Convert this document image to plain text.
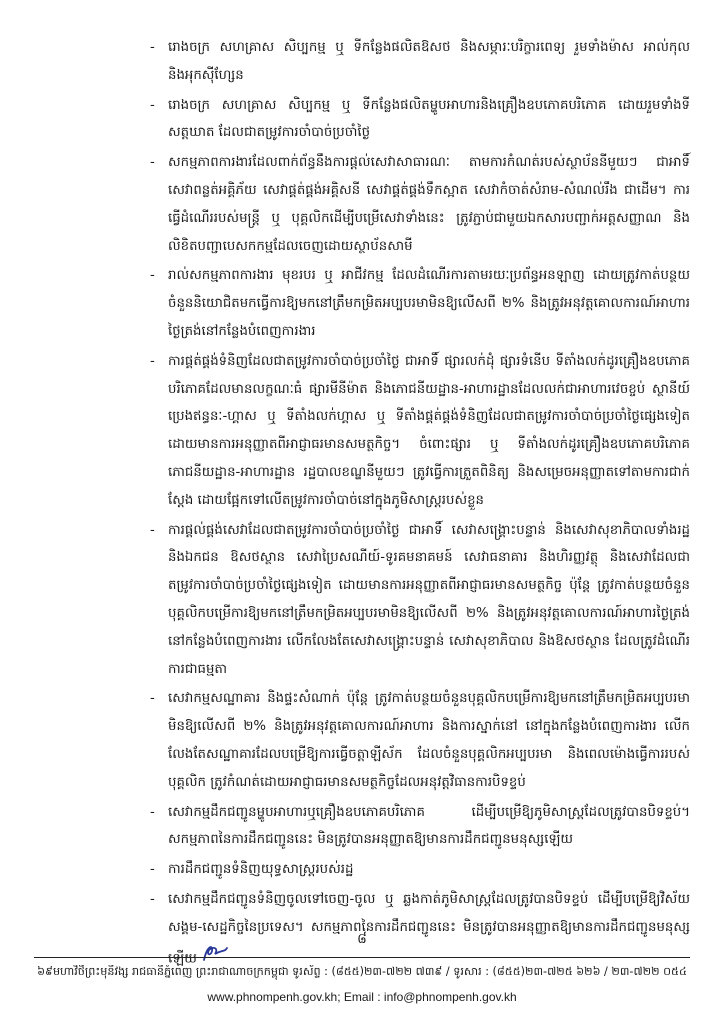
- រោងចក្រ សហគ្រាស សិប្បកម្ម ឬ ទីកន្លែងផលិតឱសថ និងសម្ភារៈបរិក្ខារពេទ្យ រួមទាំងម៉ាស អាល់កុល និងអុកស៊ីហ្សែន
- រោងចក្រ សហគ្រាស សិប្បកម្ម ឬ ទីកន្លែងផលិតម្ហូបអាហារនិងគ្រឿងឧបភោគបរិភោគ ដោយរួមទាំងទីសត្តឃាត ដែលជាតម្រូវការចាំបាច់ប្រចាំថ្ងៃ
- សកម្មភាពការងារដែលពាក់ព័ន្ធនឹងការផ្តល់សេវាសាធារណៈ តាមការកំណត់របស់ស្ថាប័ននីមួយៗ ជាអាទិ៍ សេវាពន្លត់អគ្គិភ័យ សេវាផ្គត់ផ្គង់អគ្គិសនី សេវាផ្គត់ផ្គង់ទឹកស្អាត សេវាកំចាត់សំរាម-សំណល់រឹង ជាដើម។ ការធ្វើដំណើររបស់មន្ត្រី ឬ បុគ្គលិកដើម្បីបម្រើសេវាទាំងនេះ ត្រូវភ្ជាប់ជាមួយឯកសារបញ្ជាក់អត្តសញ្ញាណ និងលិខិតបញ្ជាបេសកកម្មដែលចេញដោយស្ថាប័នសាមី
- រាល់សកម្មភាពការងារ មុខរបរ ឬ អាជីវកម្ម ដែលដំណើរការតាមរយៈប្រព័ន្ធអនឡាញ ដោយត្រូវកាត់បន្ថយចំនួននិយោជិតមកធ្វើការឱ្យមកនៅត្រឹមកម្រិតអប្បបរមាមិនឱ្យលើសពី ២% និងត្រូវអនុវត្តគោលការណ៍អាហារថ្ងៃត្រង់នៅកន្លែងបំពេញការងារ
- ការផ្គត់ផ្គង់ទំនិញដែលជាតម្រូវការចាំបាច់ប្រចាំថ្ងៃ ជាអាទិ៍ ផ្សារលក់ដុំ ផ្សារទំនើប ទីតាំងលក់ដូរគ្រឿងឧបភោគបរិភោគដែលមានលក្ខណៈធំ ផ្សារមីនីម៉ាត និងភោជនីយដ្ឋាន-អាហារដ្ឋានដែលលក់ជាអាហារវេចខ្ចប់ ស្ថានីយ៍ប្រេងឥន្ធនៈ-ហ្គាស ឬ ទីតាំងលក់ហ្គាស ឬ ទីតាំងផ្គត់ផ្គង់ទំនិញដែលជាតម្រូវការចាំបាច់ប្រចាំថ្ងៃផ្សេងទៀតដោយមានការអនុញ្ញាតពីអាជ្ញាធរមានសមត្ថកិច្ច។ ចំពោះផ្សារ ឬ ទីតាំងលក់ដូរគ្រឿងឧបភោគបរិភោគ ភោជនីយដ្ឋាន-អាហារដ្ឋាន រដ្ឋបាលខណ្ឌនីមួយៗ ត្រូវធ្វើការត្រួតពិនិត្យ និងសម្រេចអនុញ្ញាតទៅតាមការជាក់ស្តែង ដោយផ្អែកទៅលើតម្រូវការចាំបាច់នៅក្នុងភូមិសាស្ត្ររបស់ខ្លួន
- ការផ្តល់ផ្គង់សេវាដែលជាតម្រូវការចាំបាច់ប្រចាំថ្ងៃ ជាអាទិ៍ សេវាសង្គ្រោះបន្ទាន់ និងសេវាសុខាភិបាលទាំងរដ្ឋ និងឯកជន ឱសថស្ថាន សេវាប្រៃសណីយ៍-ទូរគមនាគមន៍ សេវាធនាគារ និងហិរញ្ញវត្ថុ និងសេវាដែលជាតម្រូវការចាំបាច់ប្រចាំថ្ងៃផ្សេងទៀត ដោយមានការអនុញ្ញាតពីអាជ្ញាធរមានសមត្ថកិច្ច ប៉ុន្តែ ត្រូវកាត់បន្ថយចំនួនបុគ្គលិកបម្រើការឱ្យមកនៅត្រឹមកម្រិតអប្បបរមាមិនឱ្យលើសពី ២% និងត្រូវអនុវត្តគោលការណ៍អាហារថ្ងៃត្រង់នៅកន្លែងបំពេញការងារ លើកលែងតែសេវាសង្គ្រោះបន្ទាន់ សេវាសុខាភិបាល និងឱសថស្ថាន ដែលត្រូវដំណើរការជាធម្មតា
- សេវាកម្មសណ្ឋាគារ និងផ្ទះសំណាក់ ប៉ុន្តែ ត្រូវកាត់បន្ថយចំនួនបុគ្គលិកបម្រើការឱ្យមកនៅត្រឹមកម្រិតអប្បបរមាមិនឱ្យលើសពី ២% និងត្រូវអនុវត្តគោលការណ៍អាហារ និងការស្នាក់នៅ នៅក្នុងកន្លែងបំពេញការងារ លើកលែងតែសណ្ឋាគារដែលបម្រើឱ្យការធ្វើចត្តាឡីស័ក ដែលចំនួនបុគ្គលិកអប្បបរមា និងពេលម៉ោងធ្វើការរបស់បុគ្គលិក ត្រូវកំណត់ដោយអាជ្ញាធរមានសមត្ថកិច្ចដែលអនុវត្តវិធានការបិទខ្ទប់
- សេវាកម្មដឹកជញ្ជូនម្ហូបអាហារឬគ្រឿងឧបភោគបរិភោគ ដើម្បីបម្រើឱ្យភូមិសាស្ត្រដែលត្រូវបានបិទខ្ទប់។ សកម្មភាពនៃការដឹកជញ្ជូននេះ មិនត្រូវបានអនុញ្ញាតឱ្យមានការដឹកជញ្ជូនមនុស្សឡើយ
- ការដឹកជញ្ជូនទំនិញយុទ្ធសាស្ត្ររបស់រដ្ឋ
- សេវាកម្មដឹកជញ្ជូនទំនិញចូលទៅចេញ-ចូល ឬ ឆ្លងកាត់ភូមិសាស្ត្រដែលត្រូវបានបិទខ្ទប់ ដើម្បីបម្រើឱ្យវិស័យសង្គម-សេដ្ឋកិច្ចនៃប្រទេស។ សកម្មភាពនៃការដឹកជញ្ជូននេះ មិនត្រូវបានអនុញ្ញាតឱ្យមានការដឹកជញ្ជូនមនុស្សឡើយ
៨
៦៩មហាវិថីព្រះមុនីវង្ស រាជធានីភ្នំពេញ ព្រះរាជាណាចក្រកម្ពុជា ទូរស័ព្ទ : (៨៥៥)២៣-៧២២ ៧៣៩ / ទូរសារ : (៨៥៥)២៣-៧២៥ ៦២៦ / ២៣-៧២២ ០៥៤
www.phnompenh.gov.kh; Email : info@phnompenh.gov.kh
